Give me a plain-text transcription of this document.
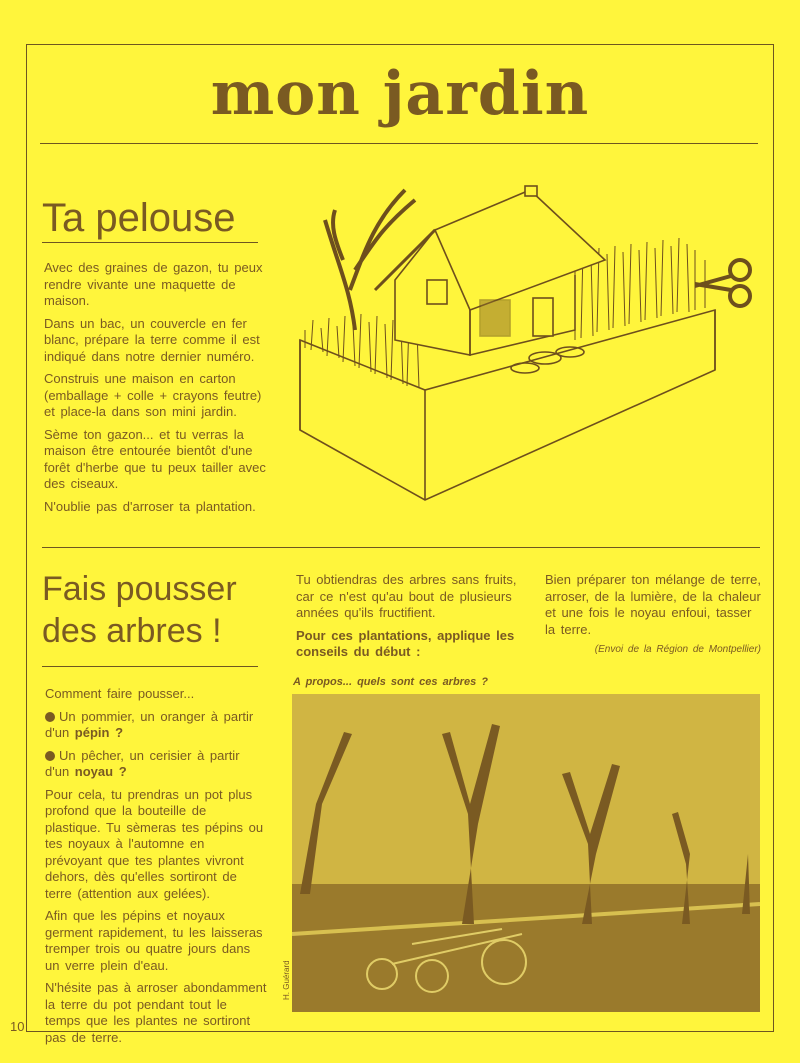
mon jardin
Ta pelouse

Avec des graines de gazon, tu peux rendre vivante une maquette de maison.

Dans un bac, un couvercle en fer blanc, prépare la terre comme il est indiqué dans notre dernier numéro.

Construis une maison en carton (emballage + colle + crayons feutre) et place-la dans son mini jardin.

Sème ton gazon... et tu verras la maison être entourée bientôt d'une forêt d'herbe que tu peux tailler avec des ciseaux.

N'oublie pas d'arroser ta plantation.

Fais pousser
des arbres !

Comment faire pousser...

Un pommier, un oranger à partir d'un pépin ?

Un pêcher, un cerisier à partir d'un noyau ?

Pour cela, tu prendras un pot plus profond que la bouteille de plastique. Tu sèmeras tes pépins ou tes noyaux à l'automne en prévoyant que tes plantes vivront dehors, dès qu'elles sortiront de terre (attention aux gelées).

Afin que les pépins et noyaux germent rapidement, tu les laisseras tremper trois ou quatre jours dans un verre plein d'eau.

N'hésite pas à arroser abondamment la terre du pot pendant tout le temps que les plantes ne sortiront pas de terre.

Tu obtiendras des arbres sans fruits, car ce n'est qu'au bout de plusieurs années qu'ils fructifient.

Pour ces plantations, applique les conseils du début :

Bien préparer ton mélange de terre, arroser, de la lumière, de la chaleur et une fois le noyau enfoui, tasser la terre.

(Envoi de la Région de Montpellier)

A propos... quels sont ces arbres ?
H. Guérard
10
